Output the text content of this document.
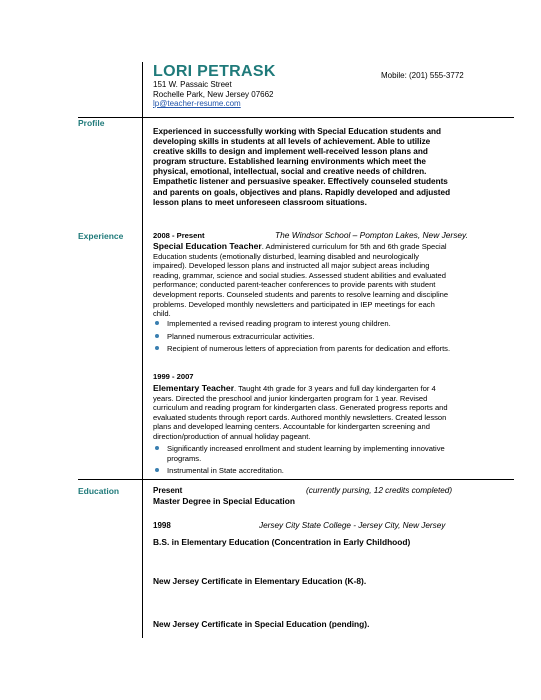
LORI PETRASK
151 W. Passaic Street
Rochelle Park, New Jersey 07662
lp@teacher-resume.com
Mobile: (201) 555-3772
Profile
Experienced in successfully working with Special Education students and developing skills in students at all levels of achievement. Able to utilize creative skills to design and implement well-received lesson plans and program structure. Established learning environments which meet the physical, emotional, intellectual, social and creative needs of children. Empathetic listener and persuasive speaker. Effectively counseled students and parents on goals, objectives and plans. Rapidly developed and adjusted lesson plans to meet unforeseen classroom situations.
Experience	2008 - Present	The Windsor School – Pompton Lakes, New Jersey.
Special Education Teacher. Administered curriculum for 5th and 6th grade Special Education students (emotionally disturbed, learning disabled and neurologically impaired). Developed lesson plans and instructed all major subject areas including reading, grammar, science and social studies. Assessed student abilities and evaluated performance; conducted parent-teacher conferences to provide parents with student development reports. Counseled students and parents to resolve learning and discipline problems. Developed monthly newsletters and participated in IEP meetings for each child.
Implemented a revised reading program to interest young children.
Planned numerous extracurricular activities.
Recipient of numerous letters of appreciation from parents for dedication and efforts.
1999 - 2007
Elementary Teacher. Taught 4th grade for 3 years and full day kindergarten for 4 years. Directed the preschool and junior kindergarten program for 1 year. Revised curriculum and reading program for kindergarten class. Generated progress reports and evaluated students through report cards. Authored monthly newsletters. Created lesson plans and developed learning centers. Accountable for kindergarten screening and direction/production of annual holiday pageant.
Significantly increased enrollment and student learning by implementing innovative programs.
Instrumental in State accreditation.
Education	Present	(currently pursing, 12 credits completed)
Master Degree in Special Education
1998	Jersey City State College - Jersey City, New Jersey
B.S. in Elementary Education (Concentration in Early Childhood)
New Jersey Certificate in Elementary Education (K-8).
New Jersey Certificate in Special Education (pending).
